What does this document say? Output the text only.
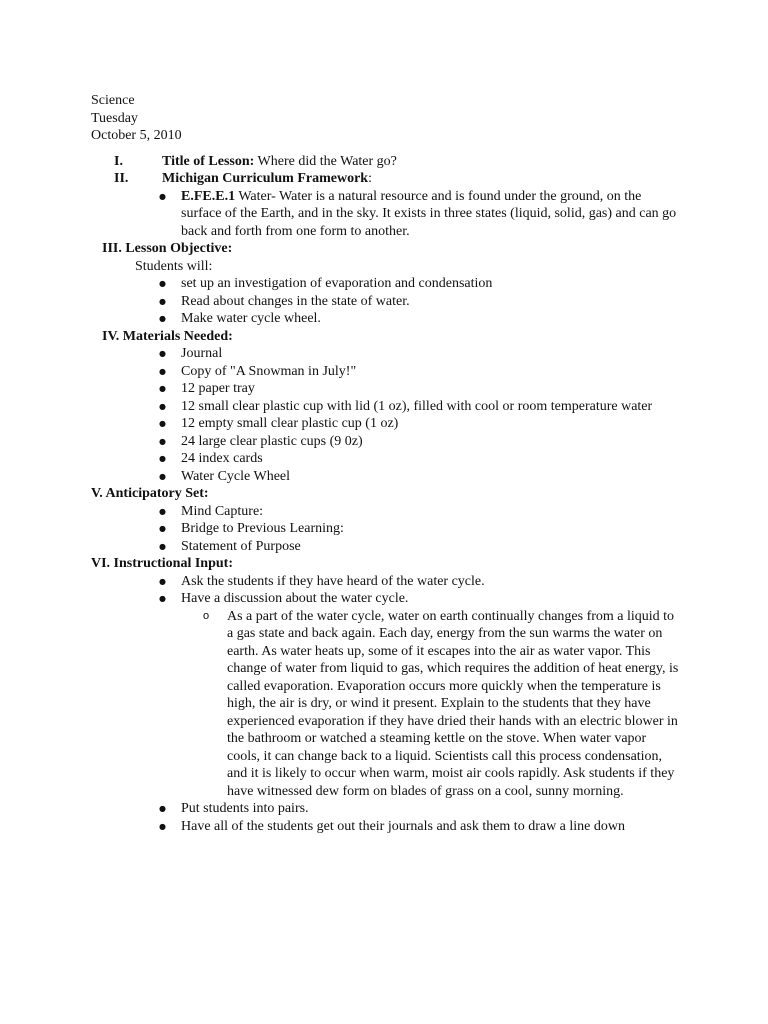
Science
Tuesday
October 5, 2010
I.	Title of Lesson: Where did the Water go?
II. Michigan Curriculum Framework:
● E.FE.E.1 Water- Water is a natural resource and is found under the ground, on the surface of the Earth, and in the sky. It exists in three states (liquid, solid, gas) and can go back and forth from one form to another.
III. Lesson Objective:
Students will:
● set up an investigation of evaporation and condensation
● Read about changes in the state of water.
● Make water cycle wheel.
IV. Materials Needed:
● Journal
● Copy of "A Snowman in July!"
● 12 paper tray
● 12 small clear plastic cup with lid (1 oz), filled with cool or room temperature water
● 12 empty small clear plastic cup (1 oz)
● 24 large clear plastic cups (9 0z)
● 24 index cards
● Water Cycle Wheel
V. Anticipatory Set:
● Mind Capture:
● Bridge to Previous Learning:
● Statement of Purpose
VI. Instructional Input:
● Ask the students if they have heard of the water cycle.
● Have a discussion about the water cycle.
o As a part of the water cycle, water on earth continually changes from a liquid to a gas state and back again. Each day, energy from the sun warms the water on earth. As water heats up, some of it escapes into the air as water vapor. This change of water from liquid to gas, which requires the addition of heat energy, is called evaporation. Evaporation occurs more quickly when the temperature is high, the air is dry, or wind it present. Explain to the students that they have experienced evaporation if they have dried their hands with an electric blower in the bathroom or watched a steaming kettle on the stove. When water vapor cools, it can change back to a liquid. Scientists call this process condensation, and it is likely to occur when warm, moist air cools rapidly. Ask students if they have witnessed dew form on blades of grass on a cool, sunny morning.
● Put students into pairs.
● Have all of the students get out their journals and ask them to draw a line down
